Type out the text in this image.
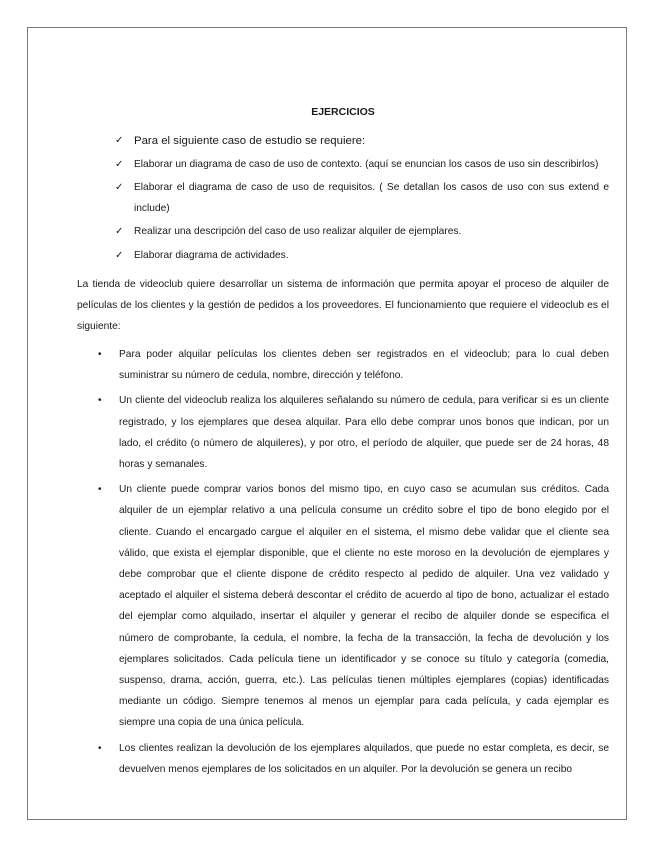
EJERCICIOS
✓ Para el siguiente caso de estudio se requiere:
✓ Elaborar un diagrama de caso de uso de contexto. (aquí se enuncian los casos de uso sin describirlos)
✓ Elaborar el diagrama de caso de uso de requisitos. ( Se detallan los casos de uso con sus extend e include)
✓ Realizar una descripción del caso de uso realizar alquiler de ejemplares.
✓ Elaborar diagrama de actividades.

La tienda de videoclub quiere desarrollar un sistema de información que permita apoyar el proceso de alquiler de películas de los clientes y la gestión de pedidos a los proveedores. El funcionamiento que requiere el videoclub es el siguiente:

• Para poder alquilar películas los clientes deben ser registrados en el videoclub; para lo cual deben suministrar su número de cedula, nombre, dirección y teléfono.
• Un cliente del videoclub realiza los alquileres señalando su número de cedula, para verificar si es un cliente registrado, y los ejemplares que desea alquilar. Para ello debe comprar unos bonos que indican, por un lado, el crédito (o número de alquileres), y por otro, el período de alquiler, que puede ser de 24 horas, 48 horas y semanales.
• Un cliente puede comprar varios bonos del mismo tipo, en cuyo caso se acumulan sus créditos. Cada alquiler de un ejemplar relativo a una película consume un crédito sobre el tipo de bono elegido por el cliente. Cuando el encargado cargue el alquiler en el sistema, el mismo debe validar que el cliente sea válido, que exista el ejemplar disponible, que el cliente no este moroso en la devolución de ejemplares y debe comprobar que el cliente dispone de crédito respecto al pedido de alquiler. Una vez validado y aceptado el alquiler el sistema deberá descontar el crédito de acuerdo al tipo de bono, actualizar el estado del ejemplar como alquilado, insertar el alquiler y generar el recibo de alquiler donde se especifica el número de comprobante, la cedula, el nombre, la fecha de la transacción, la fecha de devolución y los ejemplares solicitados. Cada película tiene un identificador y se conoce su título y categoría (comedia, suspenso, drama, acción, guerra, etc.). Las películas tienen múltiples ejemplares (copias) identificadas mediante un código. Siempre tenemos al menos un ejemplar para cada película, y cada ejemplar es siempre una copia de una única película.
• Los clientes realizan la devolución de los ejemplares alquilados, que puede no estar completa, es decir, se devuelven menos ejemplares de los solicitados en un alquiler. Por la devolución se genera un recibo
